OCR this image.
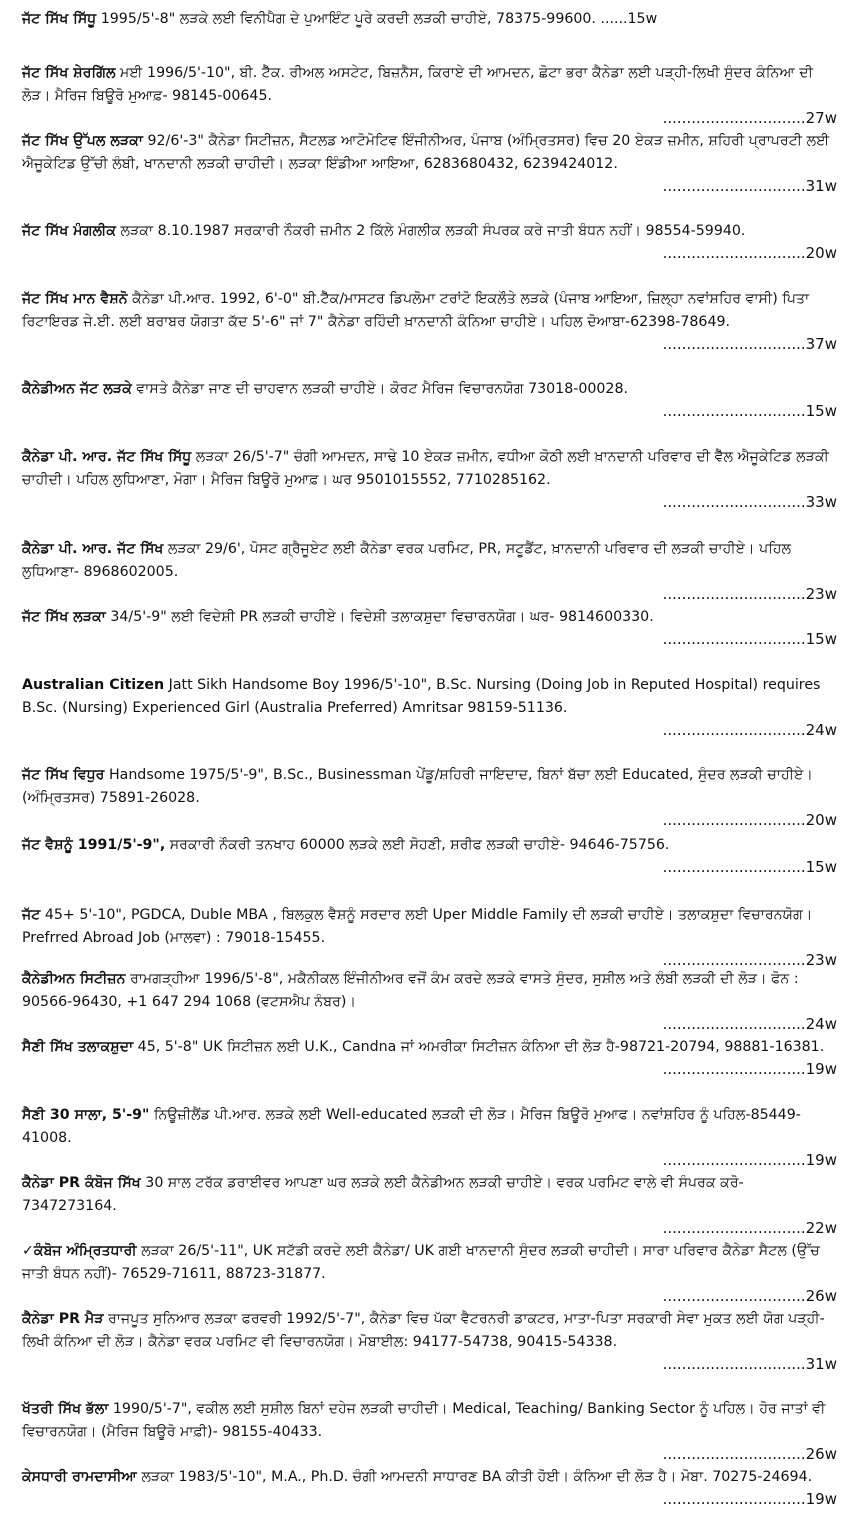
ਜੱਟ ਸਿੱਖ ਸਿੱਧੂ 1995/5'-8" ਲੜਕੇ ਲਈ ਵਿਨੀਪੈਗ ਦੇ ਪੁਆਇੰਟ ਪੂਰੇ ਕਰਦੀ ਲੜਕੀ ਚਾਹੀਏ, 78375-99600. ......15w

ਜੱਟ ਸਿੱਖ ਸ਼ੇਰਗਿੱਲ ਮਈ 1996/5'-10", ਬੀ. ਟੈੱਕ. ਰੀਅਲ ਅਸਟੇਟ, ਬਿਜ਼ਨੈਸ, ਕਿਰਾਏ ਦੀ ਆਮਦਨ, ਛੋਟਾ ਭਰਾ ਕੈਨੇਡਾ ਲਈ ਪੜ੍ਹੀ-ਲਿਖੀ ਸੁੰਦਰ ਕੰਨਿਆ ਦੀ ਲੋੜ। ਮੈਰਿਜ ਬਿਊਰੋ ਮੁਆਫ਼- 98145-00645.
..............................27w

ਜੱਟ ਸਿੱਖ ਉੱਪਲ ਲੜਕਾ 92/6'-3" ਕੈਨੇਡਾ ਸਿਟੀਜ਼ਨ, ਸੈਟਲਡ ਆਟੋਮੋਟਿਵ ਇੰਜੀਨੀਅਰ, ਪੰਜਾਬ (ਅੰਮ੍ਰਿਤਸਰ) ਵਿਚ 20 ਏਕੜ ਜ਼ਮੀਨ, ਸ਼ਹਿਰੀ ਪ੍ਰਾਪਰਟੀ ਲਈ ਐਜੂਕੇਟਿਡ ਉੱਚੀ ਲੰਬੀ, ਖਾਨਦਾਨੀ ਲੜਕੀ ਚਾਹੀਦੀ। ਲੜਕਾ ਇੰਡੀਆ ਆਇਆ, 6283680432, 6239424012.
..............................31w

ਜੱਟ ਸਿੱਖ ਮੰਗਲੀਕ ਲੜਕਾ 8.10.1987 ਸਰਕਾਰੀ ਨੌਕਰੀ ਜ਼ਮੀਨ 2 ਕਿੱਲੇ ਮੰਗਲੀਕ ਲੜਕੀ ਸੰਪਰਕ ਕਰੇ ਜਾਤੀ ਬੰਧਨ ਨਹੀਂ। 98554-59940.
..............................20w

ਜੱਟ ਸਿੱਖ ਮਾਨ ਵੈਸ਼ਨੋ ਕੈਨੇਡਾ ਪੀ.ਆਰ. 1992, 6'-0" ਬੀ.ਟੈੱਕ/ਮਾਸਟਰ ਡਿਪਲੋਮਾ ਟਰਾਂਟੋ ਇਕਲੌਤੇ ਲੜਕੇ (ਪੰਜਾਬ ਆਇਆ, ਜ਼ਿਲ੍ਹਾ ਨਵਾਂਸ਼ਹਿਰ ਵਾਸੀ) ਪਿਤਾ ਰਿਟਾਇਰਡ ਜੇ.ਈ. ਲਈ ਬਰਾਬਰ ਯੋਗਤਾ ਕੱਦ 5'-6" ਜਾਂ 7" ਕੈਨੇਡਾ ਰਹਿੰਦੀ ਖ਼ਾਨਦਾਨੀ ਕੰਨਿਆ ਚਾਹੀਏ। ਪਹਿਲ ਦੋਆਬਾ-62398-78649.
..............................37w

ਕੈਨੇਡੀਅਨ ਜੱਟ ਲੜਕੇ ਵਾਸਤੇ ਕੈਨੇਡਾ ਜਾਣ ਦੀ ਚਾਹਵਾਨ ਲੜਕੀ ਚਾਹੀਏ। ਕੋਰਟ ਮੈਰਿਜ ਵਿਚਾਰਨਯੋਗ 73018-00028.
..............................15w

ਕੈਨੇਡਾ ਪੀ. ਆਰ. ਜੱਟ ਸਿੱਖ ਸਿੱਧੂ ਲੜਕਾ 26/5'-7" ਚੰਗੀ ਆਮਦਨ, ਸਾਢੇ 10 ਏਕੜ ਜ਼ਮੀਨ, ਵਧੀਆ ਕੋਠੀ ਲਈ ਖ਼ਾਨਦਾਨੀ ਪਰਿਵਾਰ ਦੀ ਵੈੱਲ ਐਜੂਕੇਟਿਡ ਲੜਕੀ ਚਾਹੀਦੀ। ਪਹਿਲ ਲੁਧਿਆਣਾ, ਮੋਗਾ। ਮੈਰਿਜ ਬਿਊਰੋ ਮੁਆਫ਼। ਘਰ 9501015552, 7710285162.
..............................33w

ਕੈਨੇਡਾ ਪੀ. ਆਰ. ਜੱਟ ਸਿੱਖ ਲੜਕਾ 29/6', ਪੋਸਟ ਗ੍ਰੈਜੂਏਟ ਲਈ ਕੈਨੇਡਾ ਵਰਕ ਪਰਮਿਟ, PR, ਸਟੂਡੈਂਟ, ਖ਼ਾਨਦਾਨੀ ਪਰਿਵਾਰ ਦੀ ਲੜਕੀ ਚਾਹੀਏ। ਪਹਿਲ ਲੁਧਿਆਣਾ- 8968602005.
..............................23w

ਜੱਟ ਸਿੱਖ ਲੜਕਾ 34/5'-9" ਲਈ ਵਿਦੇਸ਼ੀ PR ਲੜਕੀ ਚਾਹੀਏ। ਵਿਦੇਸ਼ੀ ਤਲਾਕਸ਼ੁਦਾ ਵਿਚਾਰਨਯੋਗ। ਘਰ- 9814600330.
..............................15w

Australian Citizen Jatt Sikh Handsome Boy 1996/5'-10", B.Sc. Nursing (Doing Job in Reputed Hospital) requires B.Sc. (Nursing) Experienced Girl (Australia Preferred) Amritsar 98159-51136.
..............................24w

ਜੱਟ ਸਿੱਖ ਵਿਧੁਰ Handsome 1975/5'-9", B.Sc., Businessman ਪੇਂਡੂ/ਸ਼ਹਿਰੀ ਜਾਇਦਾਦ, ਬਿਨਾਂ ਬੱਚਾ ਲਈ Educated, ਸੁੰਦਰ ਲੜਕੀ ਚਾਹੀਏ। (ਅੰਮ੍ਰਿਤਸਰ) 75891-26028.
..............................20w

ਜੱਟ ਵੈਸ਼ਨੂੰ 1991/5'-9", ਸਰਕਾਰੀ ਨੌਕਰੀ ਤਨਖਾਹ 60000 ਲੜਕੇ ਲਈ ਸੋਹਣੀ, ਸ਼ਰੀਫ ਲੜਕੀ ਚਾਹੀਏ- 94646-75756.
..............................15w

ਜੱਟ 45+ 5'-10", PGDCA, Duble MBA , ਬਿਲਕੁਲ ਵੈਸ਼ਨੂੰ ਸਰਦਾਰ ਲਈ Uper Middle Family ਦੀ ਲੜਕੀ ਚਾਹੀਏ। ਤਲਾਕਸ਼ੁਦਾ ਵਿਚਾਰਨਯੋਗ। Prefrred Abroad Job (ਮਾਲਵਾ) : 79018-15455.
..............................23w

ਕੈਨੇਡੀਅਨ ਸਿਟੀਜ਼ਨ ਰਾਮਗੜ੍ਹੀਆ 1996/5'-8", ਮਕੈਨੀਕਲ ਇੰਜੀਨੀਅਰ ਵਜੋਂ ਕੰਮ ਕਰਦੇ ਲੜਕੇ ਵਾਸਤੇ ਸੁੰਦਰ, ਸੁਸ਼ੀਲ ਅਤੇ ਲੰਬੀ ਲੜਕੀ ਦੀ ਲੋੜ। ਫੋਨ : 90566-96430, +1 647 294 1068 (ਵਟਸਐਪ ਨੰਬਰ)।
..............................24w

ਸੈਣੀ ਸਿੱਖ ਤਲਾਕਸ਼ੁਦਾ 45, 5'-8" UK ਸਿਟੀਜ਼ਨ ਲਈ U.K., Candna ਜਾਂ ਅਮਰੀਕਾ ਸਿਟੀਜ਼ਨ ਕੰਨਿਆ ਦੀ ਲੋੜ ਹੈ-98721-20794, 98881-16381.
..............................19w

ਸੈਣੀ 30 ਸਾਲਾ, 5'-9" ਨਿਊਜ਼ੀਲੈਂਡ ਪੀ.ਆਰ. ਲੜਕੇ ਲਈ Well-educated ਲੜਕੀ ਦੀ ਲੋੜ। ਮੈਰਿਜ ਬਿਊਰੋ ਮੁਆਫ। ਨਵਾਂਸ਼ਹਿਰ ਨੂੰ ਪਹਿਲ-85449-41008.
..............................19w

ਕੈਨੇਡਾ PR ਕੰਬੋਜ ਸਿੱਖ 30 ਸਾਲ ਟਰੱਕ ਡਰਾਈਵਰ ਆਪਣਾ ਘਰ ਲੜਕੇ ਲਈ ਕੈਨੇਡੀਅਨ ਲੜਕੀ ਚਾਹੀਏ। ਵਰਕ ਪਰਮਿਟ ਵਾਲੇ ਵੀ ਸੰਪਰਕ ਕਰੋ- 7347273164.
..............................22w

✓ਕੰਬੋਜ ਅੰਮ੍ਰਿਤਧਾਰੀ ਲੜਕਾ 26/5'-11", UK ਸਟੱਡੀ ਕਰਦੇ ਲਈ ਕੈਨੇਡਾ/ UK ਗਈ ਖਾਨਦਾਨੀ ਸੁੰਦਰ ਲੜਕੀ ਚਾਹੀਦੀ। ਸਾਰਾ ਪਰਿਵਾਰ ਕੈਨੇਡਾ ਸੈਟਲ (ਉੱਚ ਜਾਤੀ ਬੰਧਨ ਨਹੀਂ)- 76529-71611, 88723-31877.
..............................26w

ਕੈਨੇਡਾ PR ਮੈੜ ਰਾਜਪੂਤ ਸੁਨਿਆਰ ਲੜਕਾ ਫਰਵਰੀ 1992/5'-7", ਕੈਨੇਡਾ ਵਿਚ ਪੱਕਾ ਵੈਟਰਨਰੀ ਡਾਕਟਰ, ਮਾਤਾ-ਪਿਤਾ ਸਰਕਾਰੀ ਸੇਵਾ ਮੁਕਤ ਲਈ ਯੋਗ ਪੜ੍ਹੀ-ਲਿਖੀ ਕੰਨਿਆ ਦੀ ਲੋੜ। ਕੈਨੇਡਾ ਵਰਕ ਪਰਮਿਟ ਵੀ ਵਿਚਾਰਨਯੋਗ। ਮੋਬਾਈਲ: 94177-54738, 90415-54338.
..............................31w

ਖੱਤਰੀ ਸਿੱਖ ਭੱਲਾ 1990/5'-7", ਵਕੀਲ ਲਈ ਸੁਸ਼ੀਲ ਬਿਨਾਂ ਦਹੇਜ ਲੜਕੀ ਚਾਹੀਦੀ। Medical, Teaching/ Banking Sector ਨੂੰ ਪਹਿਲ। ਹੋਰ ਜਾਤਾਂ ਵੀ ਵਿਚਾਰਨਯੋਗ। (ਮੈਰਿਜ ਬਿਊਰੋ ਮਾਫ਼ੀ)- 98155-40433.
..............................26w

ਕੇਸਧਾਰੀ ਰਾਮਦਾਸੀਆ ਲੜਕਾ 1983/5'-10", M.A., Ph.D. ਚੰਗੀ ਆਮਦਨੀ ਸਾਧਾਰਣ BA ਕੀਤੀ ਹੋਈ। ਕੰਨਿਆ ਦੀ ਲੋੜ ਹੈ। ਮੋਬਾ. 70275-24694.
..............................19w
